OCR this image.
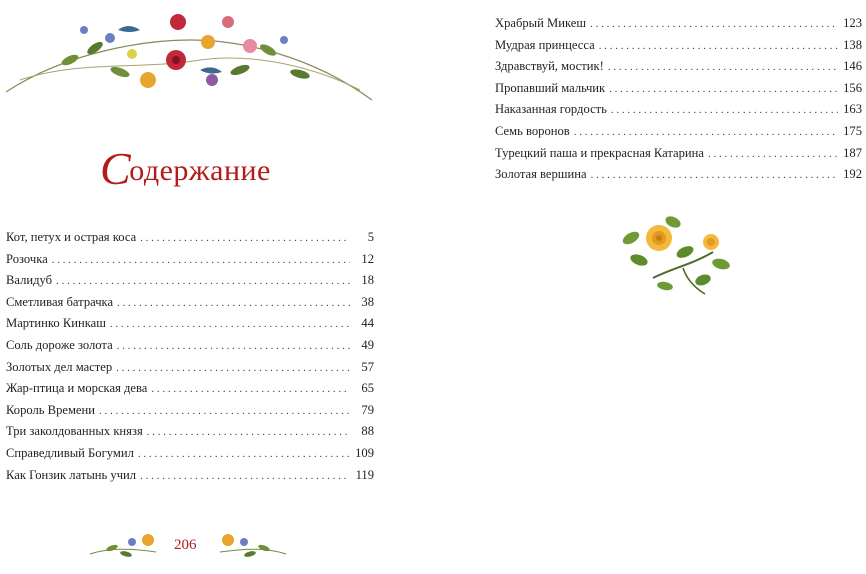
Содержание
Кот, петух и острая коса . . .	5
Розочка . . .	12
Валидуб . . .	18
Сметливая батрачка . . .	38
Мартинко Кинкаш . . .	44
Соль дороже золота . . .	49
Золотых дел мастер . . .	57
Жар-птица и морская дева . . .	65
Король Времени . . .	79
Три заколдованных князя . . .	88
Справедливый Богумил . . .	109
Как Гонзик латынь учил . . .	119
206
Храбрый Микеш . . .	123
Мудрая принцесса . . .	138
Здравствуй, мостик! . . .	146
Пропавший мальчик . . .	156
Наказанная гордость . . .	163
Семь воронов . . .	175
Турецкий паша и прекрасная Катарина . . .	187
Золотая вершина . . .	192
